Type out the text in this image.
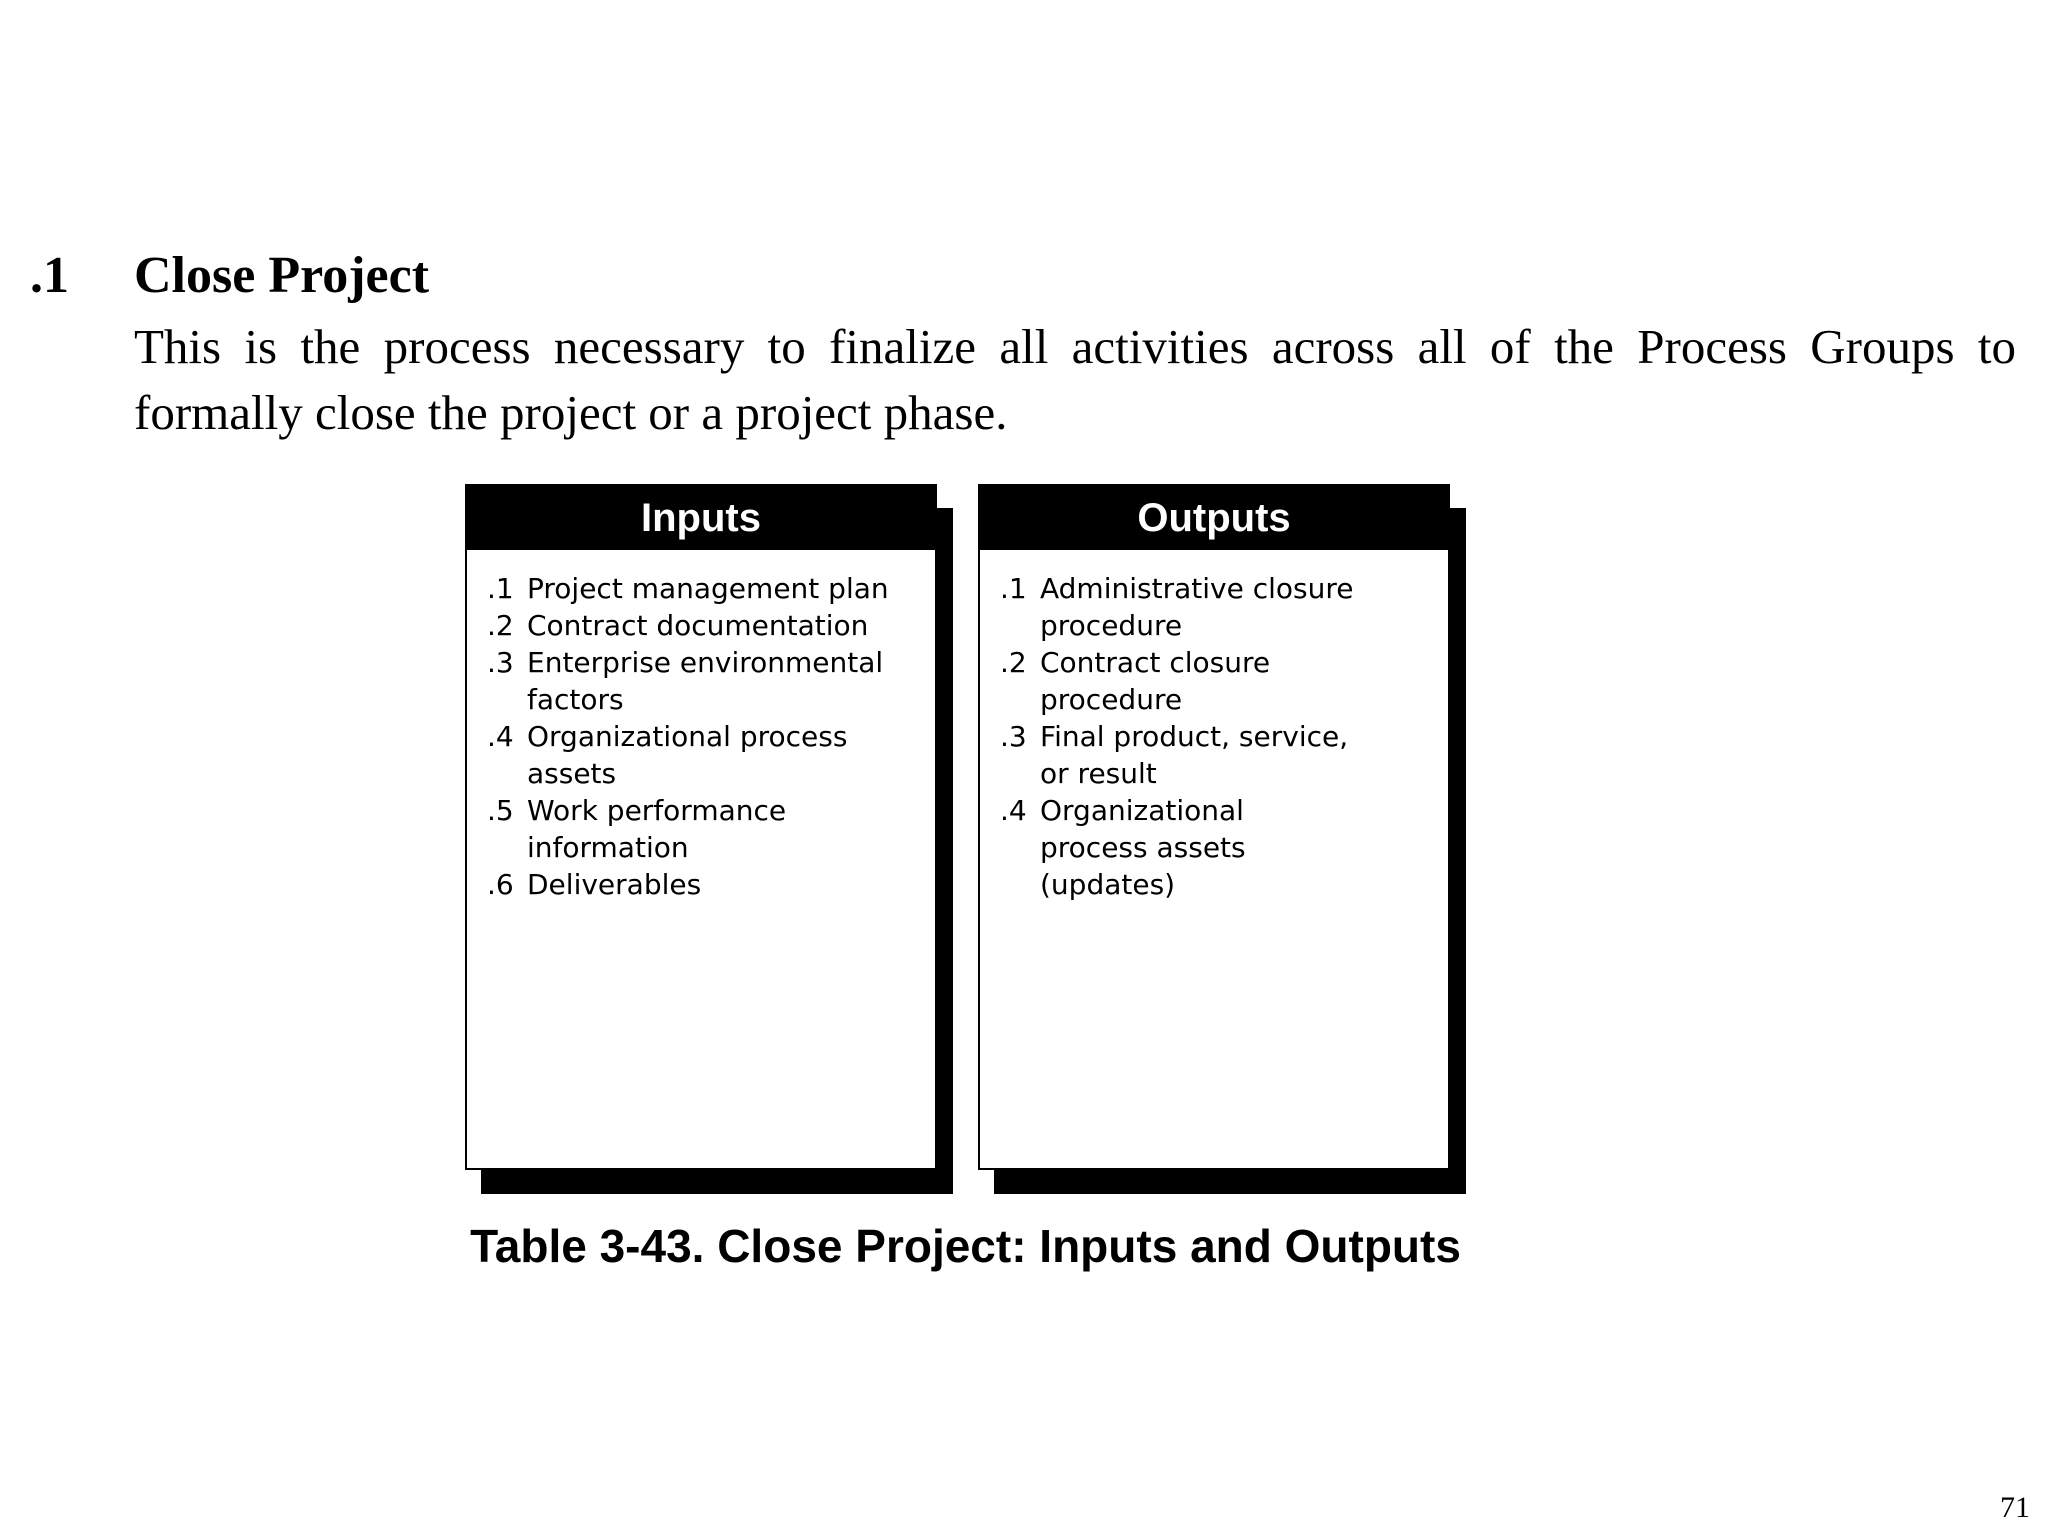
.1 Close Project
This is the process necessary to finalize all activities across all of the Process Groups to formally close the project or a project phase.
Inputs
.1 Project management plan
.2 Contract documentation
.3 Enterprise environmental factors
.4 Organizational process assets
.5 Work performance information
.6 Deliverables
Outputs
.1 Administrative closure procedure
.2 Contract closure procedure
.3 Final product, service, or result
.4 Organizational process assets (updates)
Table 3-43. Close Project: Inputs and Outputs
71
